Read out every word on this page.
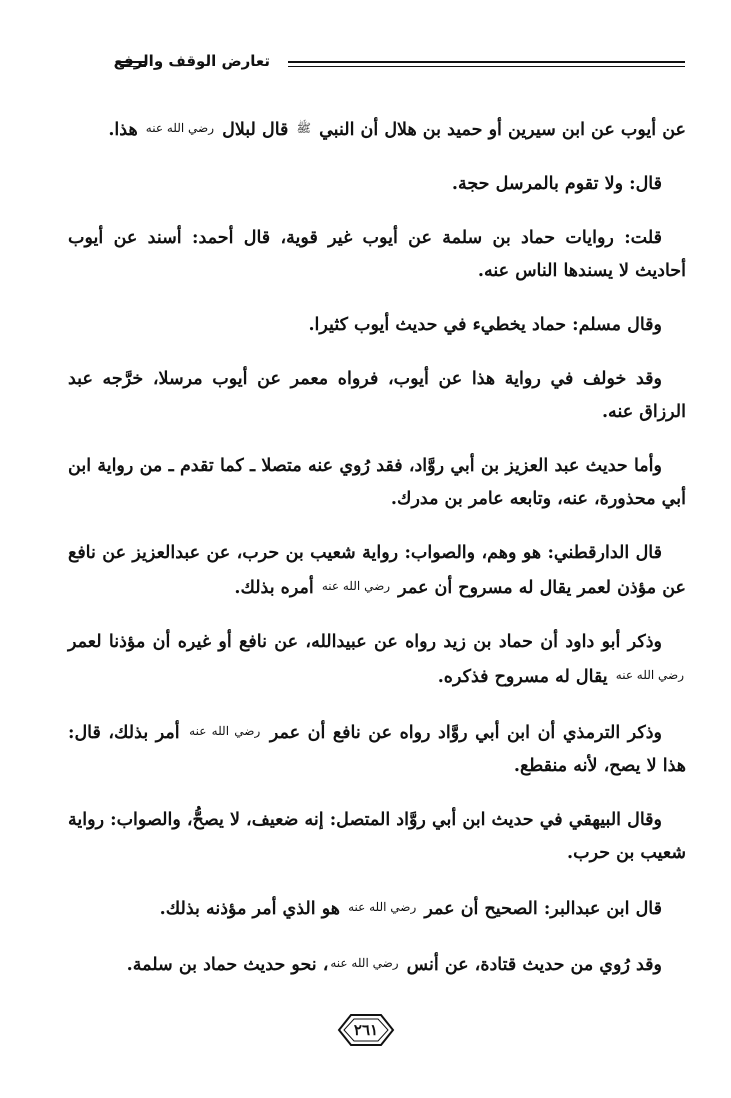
تعارض الوقف والرفع

عن أيوب عن ابن سيرين أو حميد بن هلال أن النبي ﷺ قال لبلال رضي الله عنه هذا.

قال: ولا تقوم بالمرسل حجة.

قلت: روايات حماد بن سلمة عن أيوب غير قوية، قال أحمد: أسند عن أيوب أحاديث لا يسندها الناس عنه.

وقال مسلم: حماد يخطيء في حديث أيوب كثيرا.

وقد خولف في رواية هذا عن أيوب، فرواه معمر عن أيوب مرسلا، خرَّجه عبد الرزاق عنه.

وأما حديث عبد العزيز بن أبي روَّاد، فقد رُوي عنه متصلا ـ كما تقدم ـ من رواية ابن أبي محذورة، عنه، وتابعه عامر بن مدرك.

قال الدارقطني: هو وهم، والصواب: رواية شعيب بن حرب، عن عبدالعزيز عن نافع عن مؤذن لعمر يقال له مسروح أن عمر رضي الله عنه أمره بذلك.

وذكر أبو داود أن حماد بن زيد رواه عن عبيدالله، عن نافع أو غيره أن مؤذنا لعمر رضي الله عنه يقال له مسروح فذكره.

وذكر الترمذي أن ابن أبي روَّاد رواه عن نافع أن عمر رضي الله عنه أمر بذلك، قال: هذا لا يصح، لأنه منقطع.

وقال البيهقي في حديث ابن أبي روَّاد المتصل: إنه ضعيف، لا يصحُّ، والصواب: رواية شعيب بن حرب.

قال ابن عبدالبر: الصحيح أن عمر رضي الله عنه هو الذي أمر مؤذنه بذلك.

وقد رُوي من حديث قتادة، عن أنس رضي الله عنه، نحو حديث حماد بن سلمة.

٢٦١
